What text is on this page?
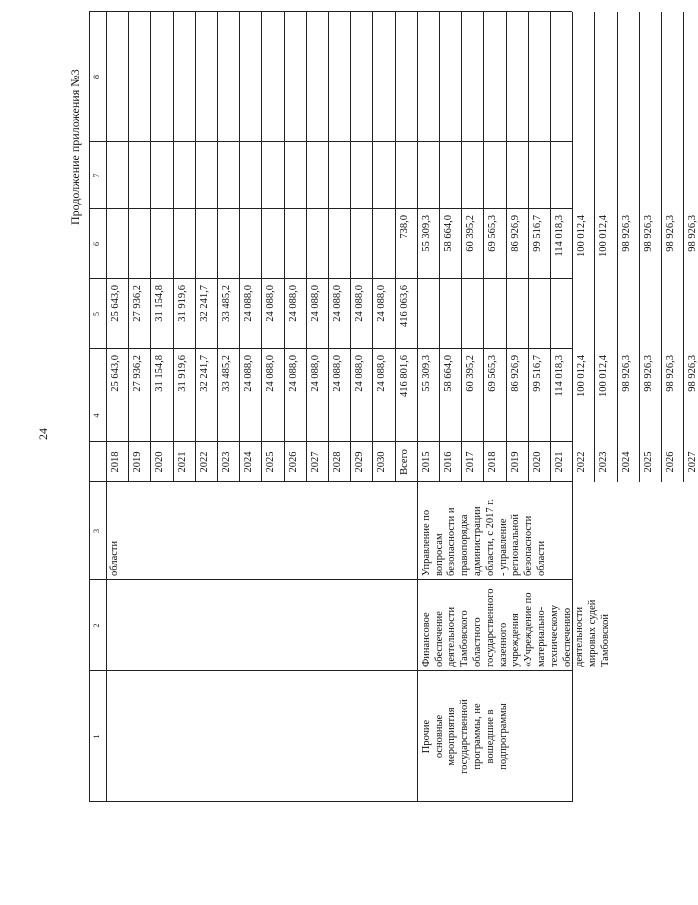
24
Продолжение приложения №3
1
2
3
4
5
6
7
8
области
2018
25 643,0
25 643,0
2019
27 936,2
27 936,2
2020
31 154,8
31 154,8
2021
31 919,6
31 919,6
2022
32 241,7
32 241,7
2023
33 485,2
33 485,2
2024
24 088,0
24 088,0
2025
24 088,0
24 088,0
2026
24 088,0
24 088,0
2027
24 088,0
24 088,0
2028
24 088,0
24 088,0
2029
24 088,0
24 088,0
2030
24 088,0
24 088,0
Всего
416 801,6
416 063,6
738,0
2015
55 309,3
55 309,3
2016
58 664,0
58 664,0
2017
60 395,2
60 395,2
2018
69 565,3
69 565,3
2019
86 926,9
86 926,9
2020
99 516,7
99 516,7
2021
114 018,3
114 018,3
2022
100 012,4
100 012,4
2023
100 012,4
100 012,4
2024
98 926,3
98 926,3
2025
98 926,3
98 926,3
2026
98 926,3
98 926,3
2027
98 926,3
98 926,3
Прочие основные мероприятия государственной программы, не вошедшие в подпрограммы
Финансовое обеспечение деятельности Тамбовского областного государственного казенного учреждения «Учреждение по материально- техническому обеспечению деятельности мировых судей Тамбовской
Управление по вопросам безопасности и правопорядка администрации области, с 2017 г. - управление региональной безопасности области
